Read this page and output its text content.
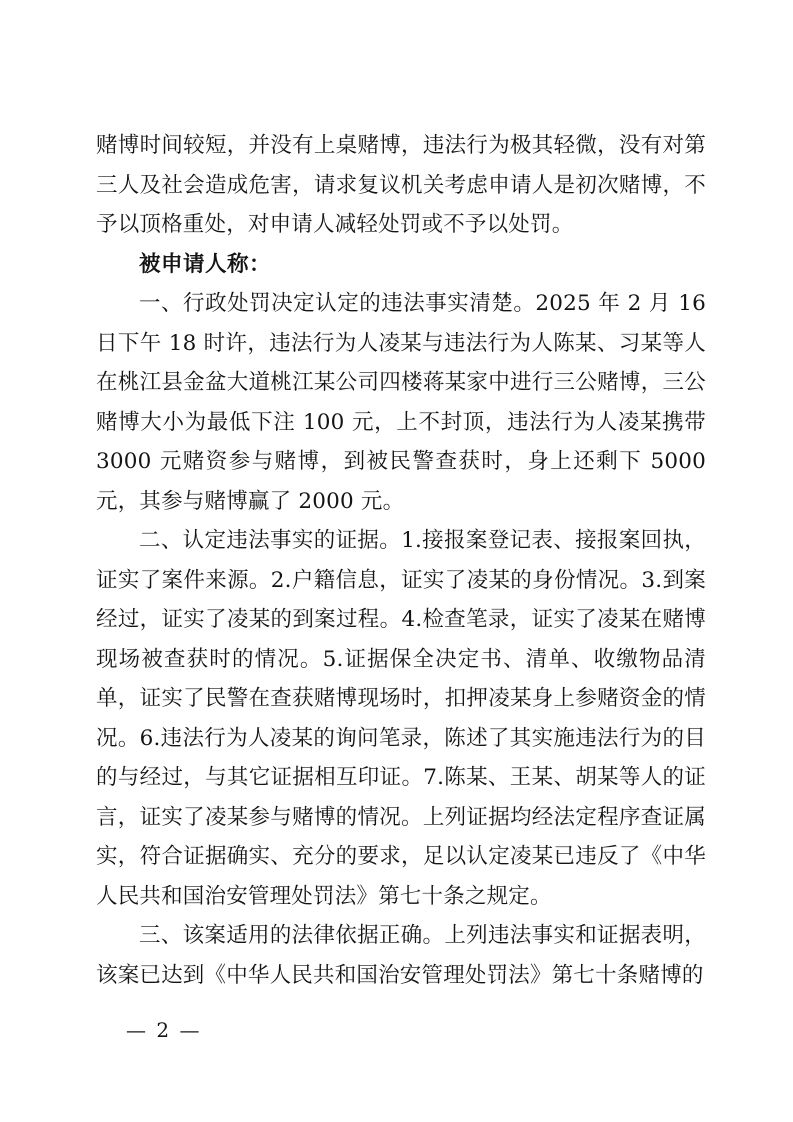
赌博时间较短，并没有上桌赌博，违法行为极其轻微，没有对第三人及社会造成危害，请求复议机关考虑申请人是初次赌博，不予以顶格重处，对申请人减轻处罚或不予以处罚。

被申请人称：

一、行政处罚决定认定的违法事实清楚。2025 年 2 月 16 日下午 18 时许，违法行为人凌某与违法行为人陈某、习某等人在桃江县金盆大道桃江某公司四楼蒋某家中进行三公赌博，三公赌博大小为最低下注 100 元，上不封顶，违法行为人凌某携带 3000 元赌资参与赌博，到被民警查获时，身上还剩下 5000 元，其参与赌博赢了 2000 元。

二、认定违法事实的证据。1.接报案登记表、接报案回执，证实了案件来源。2.户籍信息，证实了凌某的身份情况。3.到案经过，证实了凌某的到案过程。4.检查笔录，证实了凌某在赌博现场被查获时的情况。5.证据保全决定书、清单、收缴物品清单，证实了民警在查获赌博现场时，扣押凌某身上参赌资金的情况。6.违法行为人凌某的询问笔录，陈述了其实施违法行为的目的与经过，与其它证据相互印证。7.陈某、王某、胡某等人的证言，证实了凌某参与赌博的情况。上列证据均经法定程序查证属实，符合证据确实、充分的要求，足以认定凌某已违反了《中华人民共和国治安管理处罚法》第七十条之规定。

三、该案适用的法律依据正确。上列违法事实和证据表明，该案已达到《中华人民共和国治安管理处罚法》第七十条赌博的

— 2 —
